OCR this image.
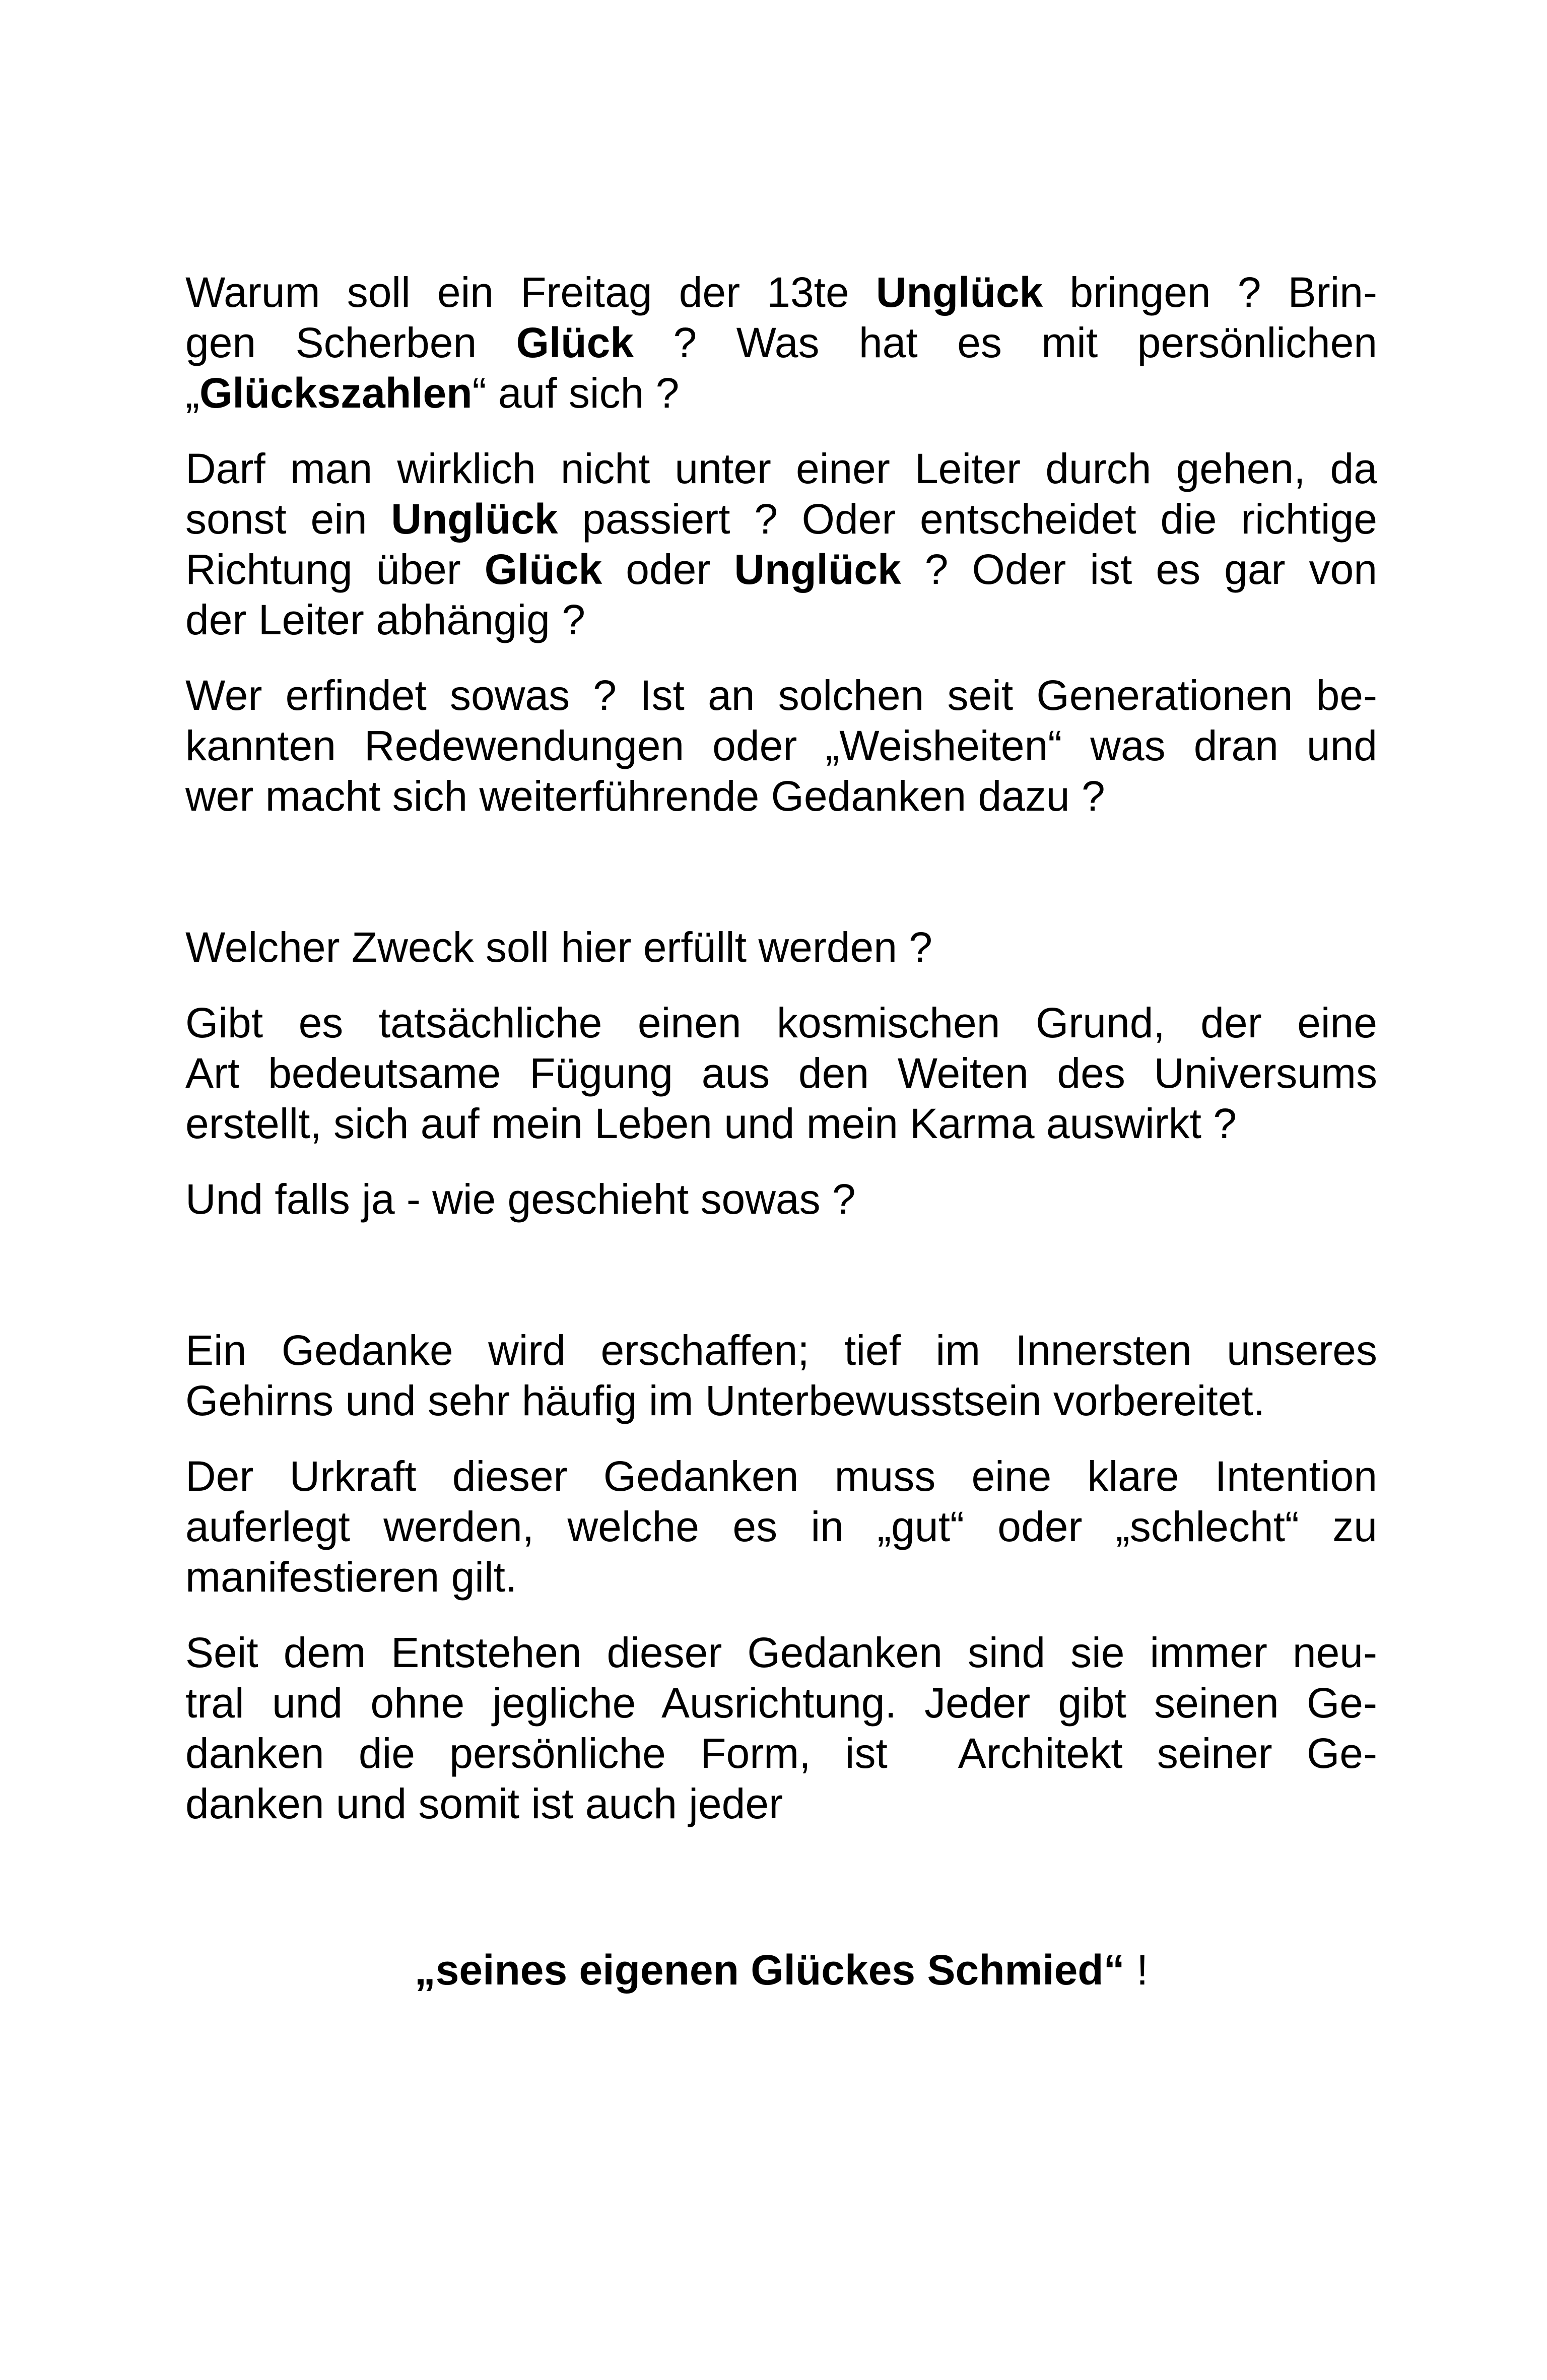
Warum soll ein Freitag der 13te Unglück bringen ? Brin-
gen Scherben Glück ? Was hat es mit persönlichen
„Glückszahlen“ auf sich ?
Darf man wirklich nicht unter einer Leiter durch gehen, da
sonst ein Unglück passiert ? Oder entscheidet die richtige
Richtung über Glück oder Unglück ? Oder ist es gar von
der Leiter abhängig ?
Wer erfindet sowas ? Ist an solchen seit Generationen be-
kannten Redewendungen oder „Weisheiten“ was dran und
wer macht sich weiterführende Gedanken dazu ?
Welcher Zweck soll hier erfüllt werden ?
Gibt es tatsächliche einen kosmischen Grund, der eine
Art bedeutsame Fügung aus den Weiten des Universums
erstellt, sich auf mein Leben und mein Karma auswirkt ?
Und falls ja - wie geschieht sowas ?
Ein Gedanke wird erschaffen; tief im Innersten unseres
Gehirns und sehr häufig im Unterbewusstsein vorbereitet.
Der Urkraft dieser Gedanken muss eine klare Intention
auferlegt werden, welche es in „gut“ oder „schlecht“ zu
manifestieren gilt.
Seit dem Entstehen dieser Gedanken sind sie immer neu-
tral und ohne jegliche Ausrichtung. Jeder gibt seinen Ge-
danken die persönliche Form, ist Architekt seiner Ge-
danken und somit ist auch jeder
„seines eigenen Glückes Schmied“ !
